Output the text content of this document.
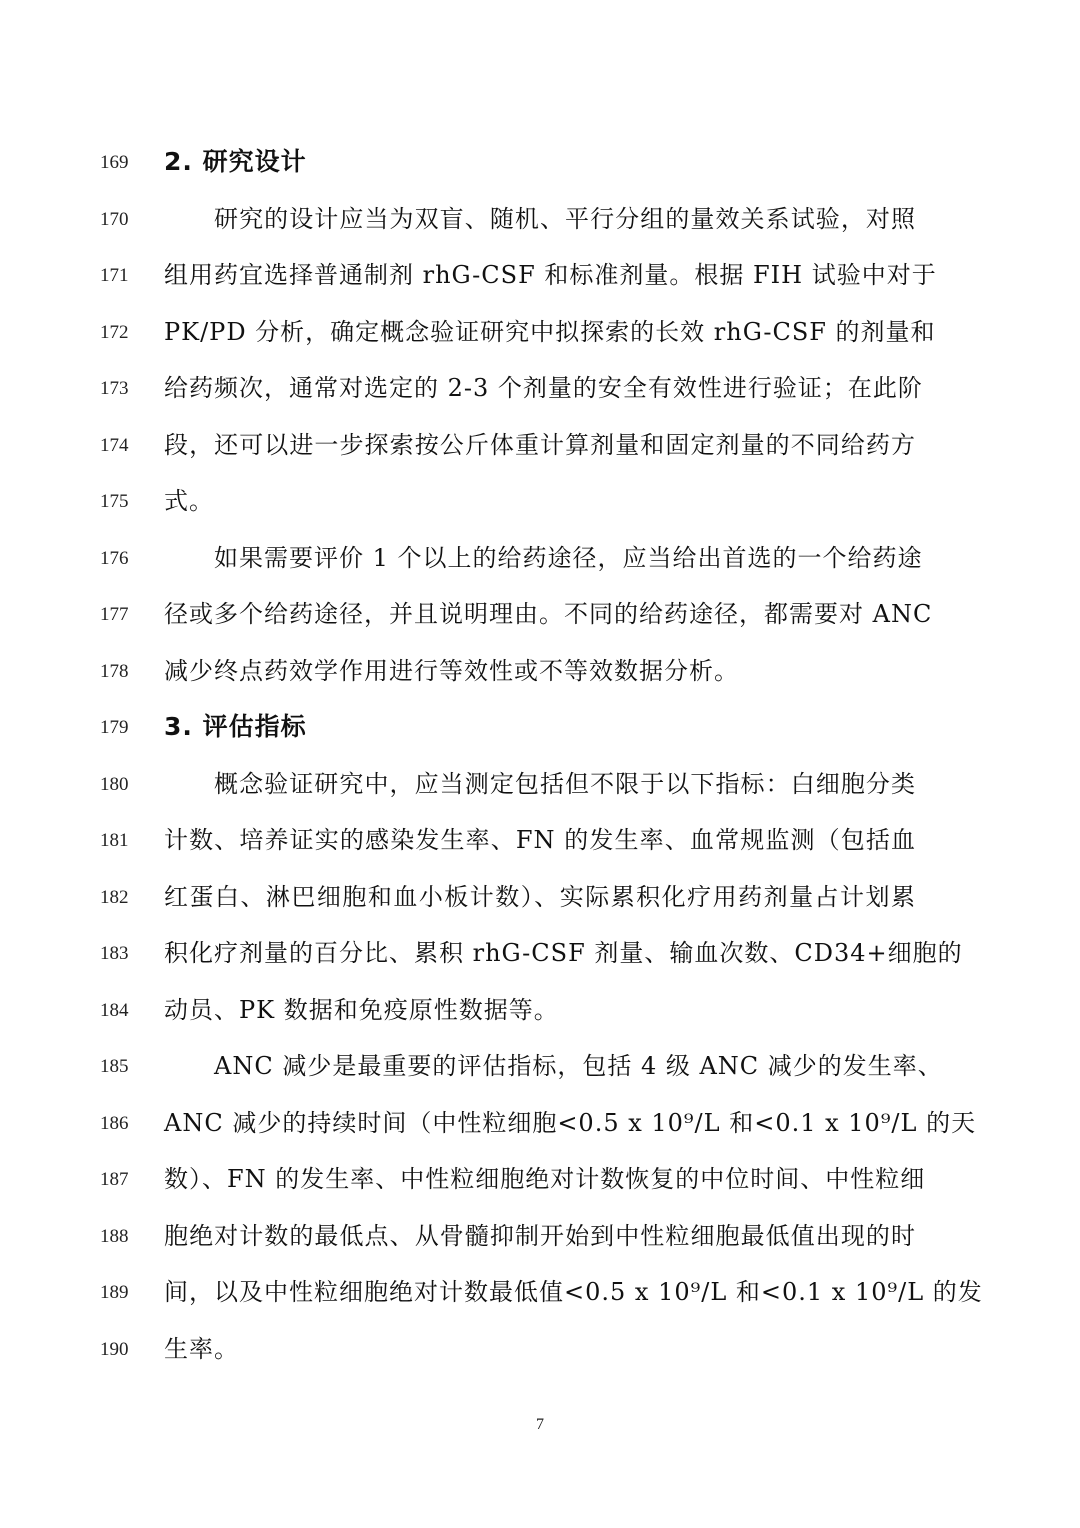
169	2. 研究设计
170	研究的设计应当为双盲、随机、平行分组的量效关系试验，对照
171	组用药宜选择普通制剂 rhG-CSF 和标准剂量。根据 FIH 试验中对于
172	PK/PD 分析，确定概念验证研究中拟探索的长效 rhG-CSF 的剂量和
173	给药频次，通常对选定的 2-3 个剂量的安全有效性进行验证；在此阶
174	段，还可以进一步探索按公斤体重计算剂量和固定剂量的不同给药方
175	式。
176	如果需要评价 1 个以上的给药途径，应当给出首选的一个给药途
177	径或多个给药途径，并且说明理由。不同的给药途径，都需要对 ANC
178	减少终点药效学作用进行等效性或不等效数据分析。
179	3. 评估指标
180	概念验证研究中，应当测定包括但不限于以下指标：白细胞分类
181	计数、培养证实的感染发生率、FN 的发生率、血常规监测（包括血
182	红蛋白、淋巴细胞和血小板计数）、实际累积化疗用药剂量占计划累
183	积化疗剂量的百分比、累积 rhG-CSF 剂量、输血次数、CD34+细胞的
184	动员、PK 数据和免疫原性数据等。
185	ANC 减少是最重要的评估指标，包括 4 级 ANC 减少的发生率、
186	ANC 减少的持续时间（中性粒细胞<0.5 x 10⁹/L 和<0.1 x 10⁹/L 的天
187	数）、FN 的发生率、中性粒细胞绝对计数恢复的中位时间、中性粒细
188	胞绝对计数的最低点、从骨髓抑制开始到中性粒细胞最低值出现的时
189	间，以及中性粒细胞绝对计数最低值<0.5 x 10⁹/L 和<0.1 x 10⁹/L 的发
190	生率。
7
